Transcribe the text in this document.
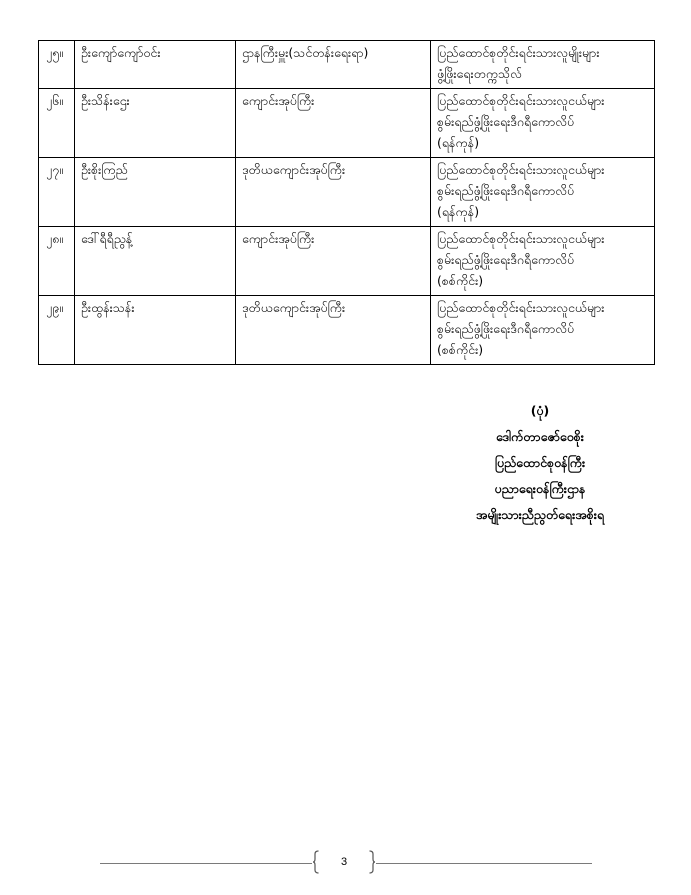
၂၅။	ဦးကျော်ကျော်ဝင်း	ဌာနကြီးမှူး(သင်တန်းရေးရာ)	ပြည်ထောင်စုတိုင်းရင်းသားလူမျိုးများ
ဖွံ့ဖြိုးရေးတက္ကသိုလ်

၂၆။	ဦးသိန်းဌေး	ကျောင်းအုပ်ကြီး	ပြည်ထောင်စုတိုင်းရင်းသားလူငယ်များ
စွမ်းရည်ဖွံ့ဖြိုးရေးဒီဂရီကောလိပ်
(ရန်ကုန်)

၂၇။	ဦးစိုးကြည်	ဒုတိယကျောင်းအုပ်ကြီး	ပြည်ထောင်စုတိုင်းရင်းသားလူငယ်များ
စွမ်းရည်ဖွံ့ဖြိုးရေးဒီဂရီကောလိပ်
(ရန်ကုန်)

၂၈။	ဒေါ်ရီရီညွန့်	ကျောင်းအုပ်ကြီး	ပြည်ထောင်စုတိုင်းရင်းသားလူငယ်များ
စွမ်းရည်ဖွံ့ဖြိုးရေးဒီဂရီကောလိပ်
(စစ်ကိုင်း)

၂၉။	ဦးထွန်းသန်း	ဒုတိယကျောင်းအုပ်ကြီး	ပြည်ထောင်စုတိုင်းရင်းသားလူငယ်များ
စွမ်းရည်ဖွံ့ဖြိုးရေးဒီဂရီကောလိပ်
(စစ်ကိုင်း)
(ပုံ)
ဒေါက်တာဇော်ဝေစိုး
ပြည်ထောင်စုဝန်ကြီး
ပညာရေးဝန်ကြီးဌာန
အမျိုးသားညီညွတ်ရေးအစိုးရ
3
